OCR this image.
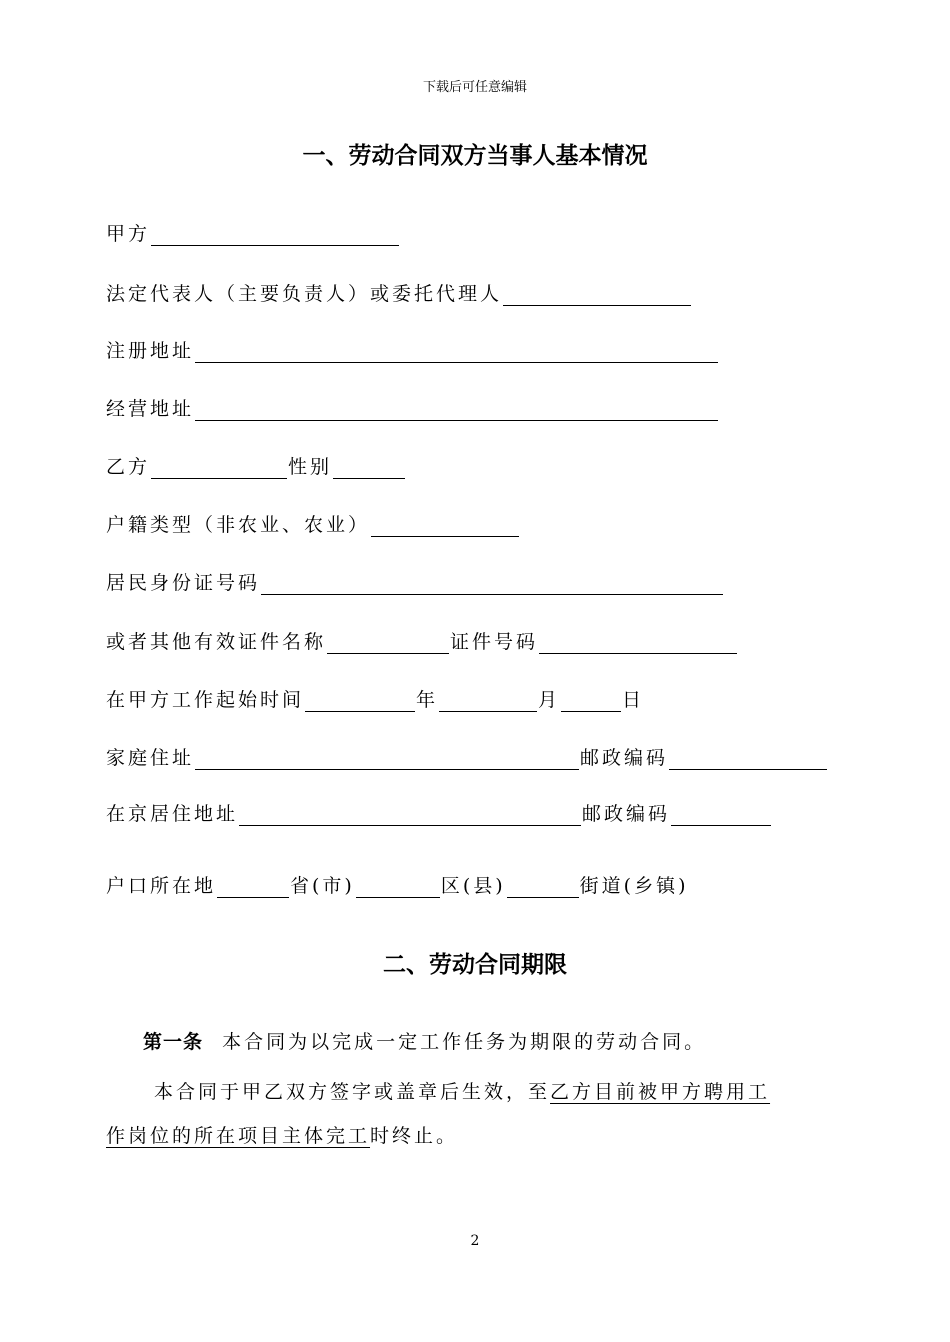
下载后可任意编辑
一、劳动合同双方当事人基本情况
甲方
法定代表人（主要负责人）或委托代理人
注册地址
经营地址
乙方	性别
户籍类型（非农业、农业）
居民身份证号码
或者其他有效证件名称	证件号码
在甲方工作起始时间	年	月	日
家庭住址	邮政编码
在京居住地址	邮政编码
户口所在地	省(市)	区(县)	街道(乡镇)
二、劳动合同期限
第一条 本合同为以完成一定工作任务为期限的劳动合同。
本合同于甲乙双方签字或盖章后生效，至乙方目前被甲方聘用工
作岗位的所在项目主体完工时终止。
2
